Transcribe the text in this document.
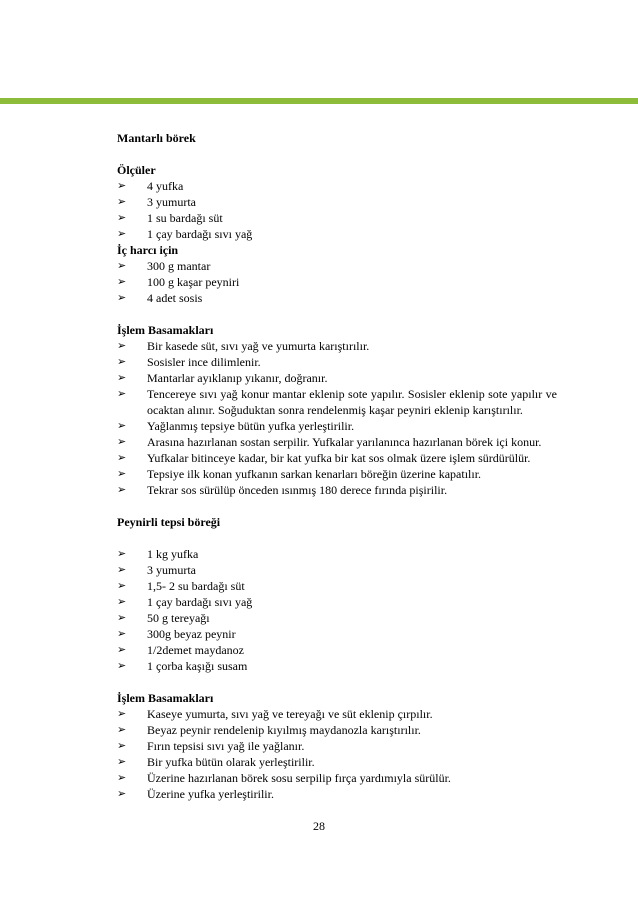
Mantarlı börek
Ölçüler
➢ 4 yufka
➢ 3 yumurta
➢ 1 su bardağı süt
➢ 1 çay bardağı sıvı yağ
İç harcı için
➢ 300 g mantar
➢ 100 g kaşar peyniri
➢ 4 adet sosis
İşlem Basamakları
➢ Bir kasede süt, sıvı yağ ve yumurta karıştırılır.
➢ Sosisler ince dilimlenir.
➢ Mantarlar ayıklanıp yıkanır, doğranır.
➢ Tencereye sıvı yağ konur mantar eklenip sote yapılır. Sosisler eklenip sote yapılır ve ocaktan alınır. Soğuduktan sonra rendelenmiş kaşar peyniri eklenip karıştırılır.
➢ Yağlanmış tepsiye bütün yufka yerleştirilir.
➢ Arasına hazırlanan sostan serpilir. Yufkalar yarılanınca hazırlanan börek içi konur.
➢ Yufkalar bitinceye kadar, bir kat yufka bir kat sos olmak üzere işlem sürdürülür.
➢ Tepsiye ilk konan yufkanın sarkan kenarları böreğin üzerine kapatılır.
➢ Tekrar sos sürülüp önceden ısınmış 180 derece fırında pişirilir.
Peynirli tepsi böreği
➢ 1 kg yufka
➢ 3 yumurta
➢ 1,5- 2 su bardağı süt
➢ 1 çay bardağı sıvı yağ
➢ 50 g tereyağı
➢ 300g beyaz peynir
➢ 1/2demet maydanoz
➢ 1 çorba kaşığı susam
İşlem Basamakları
➢ Kaseye yumurta, sıvı yağ ve tereyağı ve süt eklenip çırpılır.
➢ Beyaz peynir rendelenip kıyılmış maydanozla karıştırılır.
➢ Fırın tepsisi sıvı yağ ile yağlanır.
➢ Bir yufka bütün olarak yerleştirilir.
➢ Üzerine hazırlanan börek sosu serpilip fırça yardımıyla sürülür.
➢ Üzerine yufka yerleştirilir.
28
